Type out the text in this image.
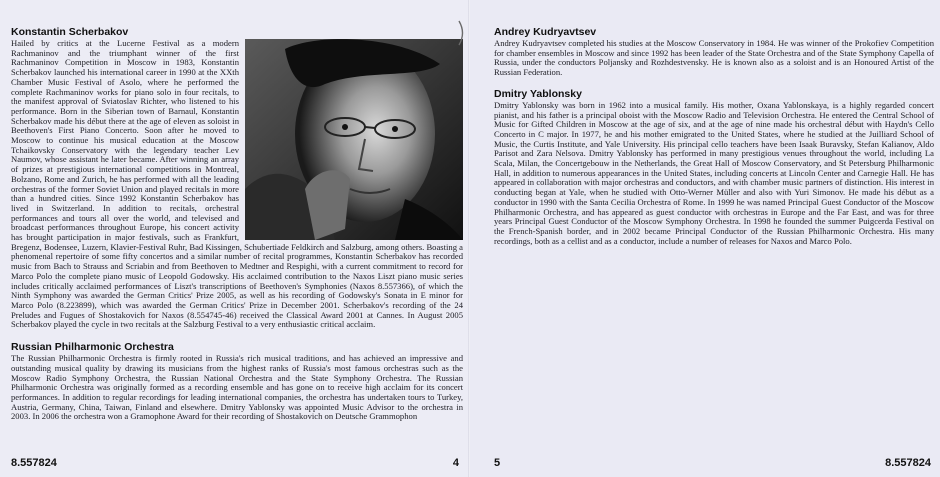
Konstantin Scherbakov

Hailed by critics at the Lucerne Festival as a modern Rachmaninov and the triumphant winner of the first Rachmaninov Competition in Moscow in 1983, Konstantin Scherbakov launched his international career in 1990 at the XXth Chamber Music Festival of Asolo, where he performed the complete Rachmaninov works for piano solo in four recitals, to the manifest approval of Sviatoslav Richter, who listened to his performance. Born in the Siberian town of Barnaul, Konstantin Scherbakov made his début there at the age of eleven as soloist in Beethoven's First Piano Concerto. Soon after he moved to Moscow to continue his musical education at the Moscow Tchaikovsky Conservatory with the legendary teacher Lev Naumov, whose assistant he later became. After winning an array of prizes at prestigious international competitions in Montreal, Bolzano, Rome and Zurich, he has performed with all the leading orchestras of the former Soviet Union and played recitals in more than a hundred cities. Since 1992 Konstantin Scherbakov has lived in Switzerland. In addition to recitals, orchestral performances and tours all over the world, and televised and broadcast performances throughout Europe, his concert activity has brought participation in major festivals, such as Frankfurt, Bregenz, Bodensee, Luzern, Klavier-Festival Ruhr, Bad Kissingen, Schubertiade Feldkirch and Salzburg, among others. Boasting a phenomenal repertoire of some fifty concertos and a similar number of recital programmes, Konstantin Scherbakov has recorded music from Bach to Strauss and Scriabin and from Beethoven to Medtner and Respighi, with a current commitment to record for Marco Polo the complete piano music of Leopold Godowsky. His acclaimed contribution to the Naxos Liszt piano music series includes critically acclaimed performances of Liszt's transcriptions of Beethoven's Symphonies (Naxos 8.557366), of which the Ninth Symphony was awarded the German Critics' Prize 2005, as well as his recording of Godowsky's Sonata in E minor for Marco Polo (8.223899), which was awarded the German Critics' Prize in December 2001. Scherbakov's recording of the 24 Preludes and Fugues of Shostakovich for Naxos (8.554745-46) received the Classical Award 2001 at Cannes. In August 2005 Scherbakov played the cycle in two recitals at the Salzburg Festival to a very enthusiastic critical acclaim.

Russian Philharmonic Orchestra

The Russian Philharmonic Orchestra is firmly rooted in Russia's rich musical traditions, and has achieved an impressive and outstanding musical quality by drawing its musicians from the highest ranks of Russia's most famous orchestras such as the Moscow Radio Symphony Orchestra, the Russian National Orchestra and the State Symphony Orchestra. The Russian Philharmonic Orchestra was originally formed as a recording ensemble and has gone on to receive high acclaim for its concert performances. In addition to regular recordings for leading international companies, the orchestra has undertaken tours to Turkey, Austria, Germany, China, Taiwan, Finland and elsewhere. Dmitry Yablonsky was appointed Music Advisor to the orchestra in 2003. In 2006 the orchestra won a Gramophone Award for their recording of Shostakovich on Deutsche Grammophon

8.557824	4
Andrey Kudryavtsev

Andrey Kudryavtsev completed his studies at the Moscow Conservatory in 1984. He was winner of the Prokofiev Competition for chamber ensembles in Moscow and since 1992 has been leader of the State Orchestra and of the State Symphony Capella of Russia, under the conductors Poljansky and Rozhdestvensky. He is known also as a soloist and is an Honoured Artist of the Russian Federation.

Dmitry Yablonsky

Dmitry Yablonsky was born in 1962 into a musical family. His mother, Oxana Yablonskaya, is a highly regarded concert pianist, and his father is a principal oboist with the Moscow Radio and Television Orchestra. He entered the Central School of Music for Gifted Children in Moscow at the age of six, and at the age of nine made his orchestral début with Haydn's Cello Concerto in C major. In 1977, he and his mother emigrated to the United States, where he studied at the Juilliard School of Music, the Curtis Institute, and Yale University. His principal cello teachers have been Isaak Buravsky, Stefan Kalianov, Aldo Parisot and Zara Nelsova. Dmitry Yablonsky has performed in many prestigious venues throughout the world, including La Scala, Milan, the Concertgebouw in the Netherlands, the Great Hall of Moscow Conservatory, and St Petersburg Philharmonic Hall, in addition to numerous appearances in the United States, including concerts at Lincoln Center and Carnegie Hall. He has appeared in collaboration with major orchestras and conductors, and with chamber music partners of distinction. His interest in conducting began at Yale, when he studied with Otto-Werner Müller and also with Yuri Simonov. He made his début as a conductor in 1990 with the Santa Cecilia Orchestra of Rome. In 1999 he was named Principal Guest Conductor of the Moscow Philharmonic Orchestra, and has appeared as guest conductor with orchestras in Europe and the Far East, and was for three years Principal Guest Conductor of the Moscow Symphony Orchestra. In 1998 he founded the summer Puigcerda Festival on the French-Spanish border, and in 2002 became Principal Conductor of the Russian Philharmonic Orchestra. His many recordings, both as a cellist and as a conductor, include a number of releases for Naxos and Marco Polo.

5	8.557824
